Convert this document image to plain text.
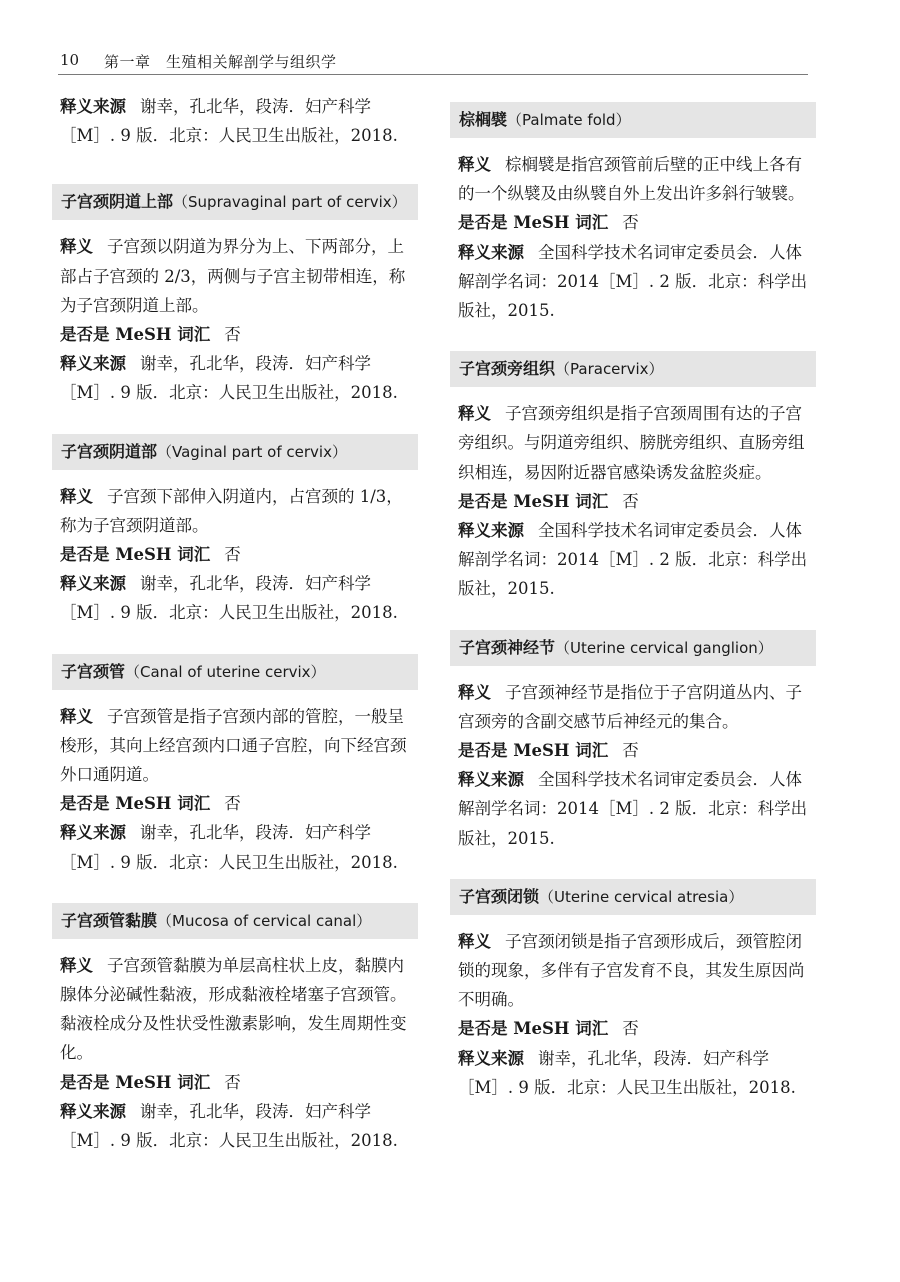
10 第一章　生殖相关解剖学与组织学
释义来源 谢幸，孔北华，段涛．妇产科学［M］. 9 版．北京：人民卫生出版社，2018.
子宫颈阴道上部（Supravaginal part of cervix）
释义 子宫颈以阴道为界分为上、下两部分，上部占子宫颈的 2/3，两侧与子宫主韧带相连，称为子宫颈阴道上部。
是否是 MeSH 词汇 否
释义来源 谢幸，孔北华，段涛．妇产科学［M］. 9 版．北京：人民卫生出版社，2018.
子宫颈阴道部（Vaginal part of cervix）
释义 子宫颈下部伸入阴道内，占宫颈的 1/3，称为子宫颈阴道部。
是否是 MeSH 词汇 否
释义来源 谢幸，孔北华，段涛．妇产科学［M］. 9 版．北京：人民卫生出版社，2018.
子宫颈管（Canal of uterine cervix）
释义 子宫颈管是指子宫颈内部的管腔，一般呈梭形，其向上经宫颈内口通子宫腔，向下经宫颈外口通阴道。
是否是 MeSH 词汇 否
释义来源 谢幸，孔北华，段涛．妇产科学［M］. 9 版．北京：人民卫生出版社，2018.
子宫颈管黏膜（Mucosa of cervical canal）
释义 子宫颈管黏膜为单层高柱状上皮，黏膜内腺体分泌碱性黏液，形成黏液栓堵塞子宫颈管。黏液栓成分及性状受性激素影响，发生周期性变化。
是否是 MeSH 词汇 否
释义来源 谢幸，孔北华，段涛．妇产科学［M］. 9 版．北京：人民卫生出版社，2018.
棕榈襞（Palmate fold）
释义 棕榈襞是指宫颈管前后壁的正中线上各有的一个纵襞及由纵襞自外上发出许多斜行皱襞。
是否是 MeSH 词汇 否
释义来源 全国科学技术名词审定委员会．人体解剖学名词：2014［M］. 2 版．北京：科学出版社，2015.
子宫颈旁组织（Paracervix）
释义 子宫颈旁组织是指子宫颈周围有达的子宫旁组织。与阴道旁组织、膀胱旁组织、直肠旁组织相连，易因附近器官感染诱发盆腔炎症。
是否是 MeSH 词汇 否
释义来源 全国科学技术名词审定委员会．人体解剖学名词：2014［M］. 2 版．北京：科学出版社，2015.
子宫颈神经节（Uterine cervical ganglion）
释义 子宫颈神经节是指位于子宫阴道丛内、子宫颈旁的含副交感节后神经元的集合。
是否是 MeSH 词汇 否
释义来源 全国科学技术名词审定委员会．人体解剖学名词：2014［M］. 2 版．北京：科学出版社，2015.
子宫颈闭锁（Uterine cervical atresia）
释义 子宫颈闭锁是指子宫颈形成后，颈管腔闭锁的现象，多伴有子宫发育不良，其发生原因尚不明确。
是否是 MeSH 词汇 否
释义来源 谢幸，孔北华，段涛．妇产科学［M］. 9 版．北京：人民卫生出版社，2018.
